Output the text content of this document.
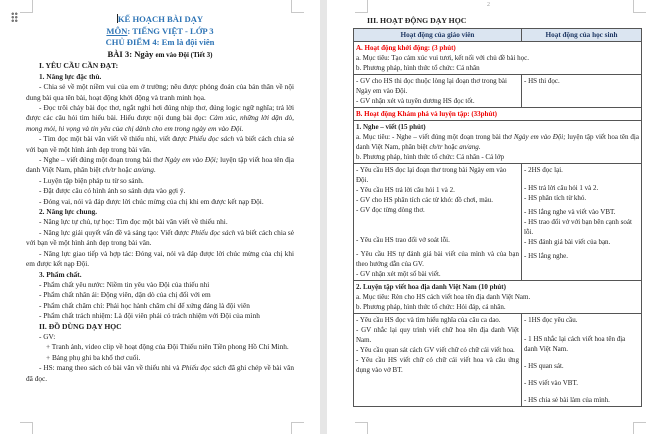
KẾ HOẠCH BÀI DẠY
MÔN: TIẾNG VIỆT - LỚP 3
CHỦ ĐIỂM 4: Em là đội viên
BÀI 3: Ngày em vào Đội (Tiết 3)
I. YÊU CẦU CẦN ĐẠT:
1. Năng lực đặc thù.
- Chia sẻ về một niềm vui của em ở trường; nêu được phỏng đoán của bản thân về nội dung bài qua tên bài, hoạt động khởi động và tranh minh họa.
- Đọc trôi chảy bài đọc thơ, ngắt nghỉ hơi đúng nhịp thơ, đúng logic ngữ nghĩa; trả lời được các câu hỏi tìm hiểu bài. Hiểu được nội dung bài đọc: Cảm xúc, những lời dặn dò, mong mỏi, hi vọng và tin yêu của chị dành cho em trong ngày em vào Đội.
- Tìm đọc một bài văn viết về thiếu nhi, viết được Phiếu đọc sách và biết cách chia sẻ với bạn về một hình ảnh đẹp trong bài văn.
- Nghe – viết đúng một đoạn trong bài thơ Ngày em vào Đội; luyện tập viết hoa tên địa danh Việt Nam, phân biệt ch/tr hoặc an/ang.
- Luyện tập biện pháp tu từ so sánh.
- Đặt được câu có hình ảnh so sánh dựa vào gợi ý.
- Đóng vai, nói và đáp được lời chúc mừng của chị khi em được kết nạp Đội.
2. Năng lực chung.
- Năng lực tự chủ, tự học: Tìm đọc một bài văn viết về thiếu nhi.
- Năng lực giải quyết vấn đề và sáng tạo: Viết được Phiếu đọc sách và biết cách chia sẻ với bạn về một hình ảnh đẹp trong bài văn.
- Năng lực giao tiếp và hợp tác: Đóng vai, nói và đáp được lời chúc mừng của chị khi em được kết nạp Đội.
3. Phẩm chất.
- Phẩm chất yêu nước: Niềm tin yêu vào Đội của thiếu nhi
- Phẩm chất nhân ái: Động viên, dặn dò của chị đối với em
- Phẩm chất chăm chỉ: Phải học hành chăm chỉ để xứng đáng là đội viên
- Phẩm chất trách nhiệm: Là đội viên phải có trách nhiệm với Đội của mình
II. ĐỒ DÙNG DẠY HỌC
- GV:
+ Tranh ảnh, video clip về hoạt động của Đội Thiếu niên Tiền phong Hồ Chí Minh.
+ Bảng phụ ghi ba khổ thơ cuối.
- HS: mang theo sách có bài văn về thiếu nhi và Phiếu đọc sách đã ghi chép về bài văn đã đọc.
2
III. HOẠT ĐỘNG DẠY HỌC
Hoạt động của giáo viên	Hoạt động của học sinh

A. Hoạt động khởi động: (3 phút)
a. Mục tiêu: Tạo cảm xúc vui tươi, kết nối với chủ đề bài học.
b. Phương pháp, hình thức tổ chức: Cá nhân	

- GV cho HS thi đọc thuộc lòng lại đoạn thơ trong bài Ngày em vào Đội.
- GV nhận xét và tuyên dương HS đọc tốt.	- HS thi đọc.

B. Hoạt động Khám phá và luyện tập: (33phút)	

1. Nghe – viết (15 phút)
a. Mục tiêu: - Nghe – viết đúng một đoạn trong bài thơ Ngày em vào Đội; luyện tập viết hoa tên địa danh Việt Nam, phân biệt ch/tr hoặc an/ang.
b. Phương pháp, hình thức tổ chức: Cá nhân - Cả lớp	

- Yêu cầu HS đọc lại đoạn thơ trong bài Ngày em vào Đội.
- Yêu cầu HS trả lời câu hỏi 1 và 2.
- GV cho HS phân tích các từ khó: đồ chơi, màu.
- GV đọc từng dòng thơ.
- Yêu cầu HS trao đổi vở soát lỗi.
- Yêu cầu HS tự đánh giá bài viết của mình và của bạn theo hướng dẫn của GV.
- GV nhận xét một số bài viết.

- 2HS đọc lại.
- HS trả lời câu hỏi 1 và 2.
- HS phân tích từ khó.
- HS lắng nghe và viết vào VBT.
- HS trao đổi vở với bạn bên cạnh soát lỗi.
- HS đánh giá bài viết của bạn.
- HS lắng nghe.

2. Luyện tập viết hoa địa danh Việt Nam (10 phút)
a. Mục tiêu: Rèn cho HS cách viết hoa tên địa danh Việt Nam.
b. Phương pháp, hình thức tổ chức: Hỏi đáp, cá nhân.	

- Yêu cầu HS đọc và tìm hiểu nghĩa của câu ca dao.
- GV nhắc lại quy trình viết chữ hoa tên địa danh Việt Nam.
- Yêu cầu quan sát cách GV viết chữ có chữ cái viết hoa.
- Yêu cầu HS viết chữ có chữ cái viết hoa và câu ứng dụng vào vở BT.

- 1HS đọc yêu cầu.
- 1 HS nhắc lại cách viết hoa tên địa danh Việt Nam.
- HS quan sát.
- HS viết vào VBT.
- HS chia sẻ bài làm của mình.
